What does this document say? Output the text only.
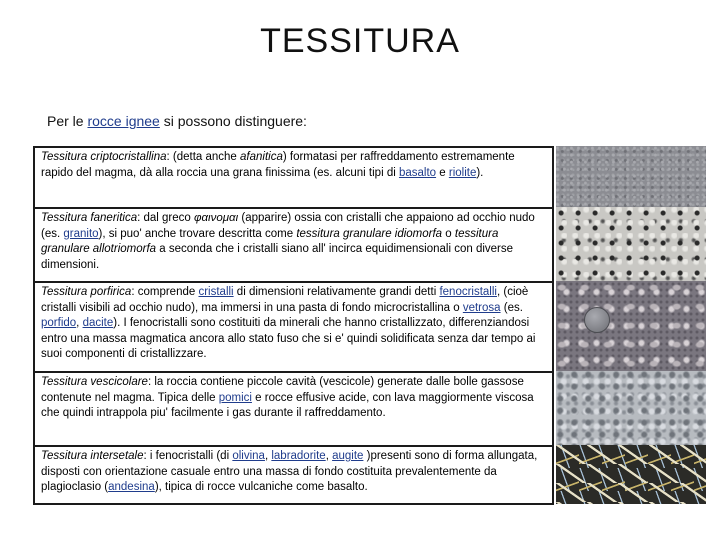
TESSITURA
Per le rocce ignee si possono distinguere:
Tessitura criptocristallina: (detta anche afanitica) formatasi per raffreddamento estremamente rapido del magma, dà alla roccia una grana finissima (es. alcuni tipi di basalto e riolite).
Tessitura faneritica: dal greco φαινομαι (apparire) ossia con cristalli che appaiono ad occhio nudo (es. granito), si puo' anche trovare descritta come tessitura granulare idiomorfa o tessitura granulare allotriomorfa a seconda che i cristalli siano all' incirca equidimensionali con diverse dimensioni.
Tessitura porfirica: comprende cristalli di dimensioni relativamente grandi detti fenocristalli, (cioè cristalli visibili ad occhio nudo), ma immersi in una pasta di fondo microcristallina o vetrosa (es. porfido, dacite). I fenocristalli sono costituiti da minerali che hanno cristallizzato, differenziandosi entro una massa magmatica ancora allo stato fuso che si e' quindi solidificata senza dar tempo ai suoi componenti di cristallizzare.
Tessitura vescicolare: la roccia contiene piccole cavità (vescicole) generate dalle bolle gassose contenute nel magma. Tipica delle pomici e rocce effusive acide, con lava maggiormente viscosa che quindi intrappola piu' facilmente i gas durante il raffreddamento.
Tessitura intersetale: i fenocristalli (di olivina, labradorite, augite )presenti sono di forma allungata, disposti con orientazione casuale entro una massa di fondo costituita prevalentemente da plagioclasio (andesina), tipica di rocce vulcaniche come basalto.
